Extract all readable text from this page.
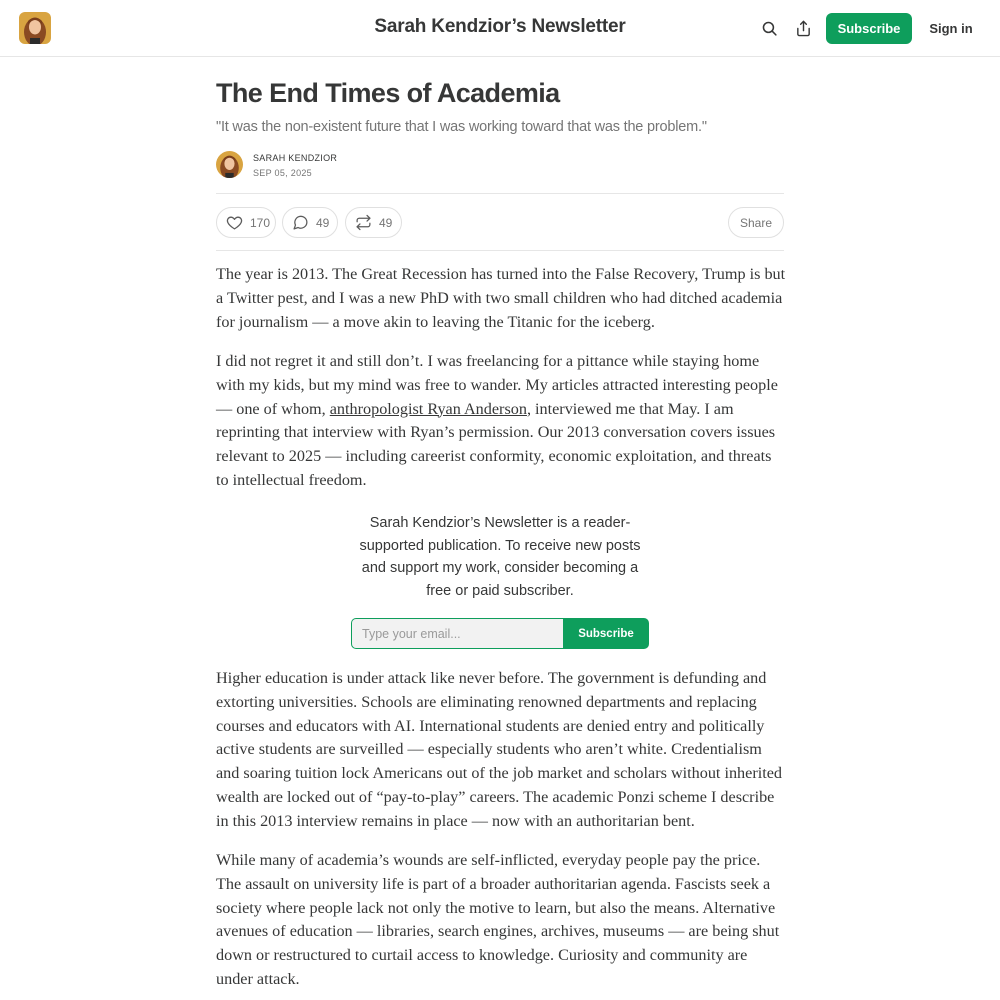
Sarah Kendzior’s Newsletter	Subscribe	Sign in
The End Times of Academia
"It was the non-existent future that I was working toward that was the problem."
SARAH KENDZIOR
SEP 05, 2025
170	49	49	Share

The year is 2013. The Great Recession has turned into the False Recovery, Trump is but a Twitter pest, and I was a new PhD with two small children who had ditched academia for journalism — a move akin to leaving the Titanic for the iceberg.

I did not regret it and still don’t. I was freelancing for a pittance while staying home with my kids, but my mind was free to wander. My articles attracted interesting people — one of whom, anthropologist Ryan Anderson, interviewed me that May. I am reprinting that interview with Ryan’s permission. Our 2013 conversation covers issues relevant to 2025 — including careerist conformity, economic exploitation, and threats to intellectual freedom.

Sarah Kendzior’s Newsletter is a reader-supported publication. To receive new posts and support my work, consider becoming a free or paid subscriber.
Type your email...
Subscribe

Higher education is under attack like never before. The government is defunding and extorting universities. Schools are eliminating renowned departments and replacing courses and educators with AI. International students are denied entry and politically active students are surveilled — especially students who aren’t white. Credentialism and soaring tuition lock Americans out of the job market and scholars without inherited wealth are locked out of “pay-to-play” careers. The academic Ponzi scheme I describe in this 2013 interview remains in place — now with an authoritarian bent.

While many of academia’s wounds are self-inflicted, everyday people pay the price. The assault on university life is part of a broader authoritarian agenda. Fascists seek a society where people lack not only the motive to learn, but also the means. Alternative avenues of education — libraries, search engines, archives, museums — are being shut down or restructured to curtail access to knowledge. Curiosity and community are under attack.
